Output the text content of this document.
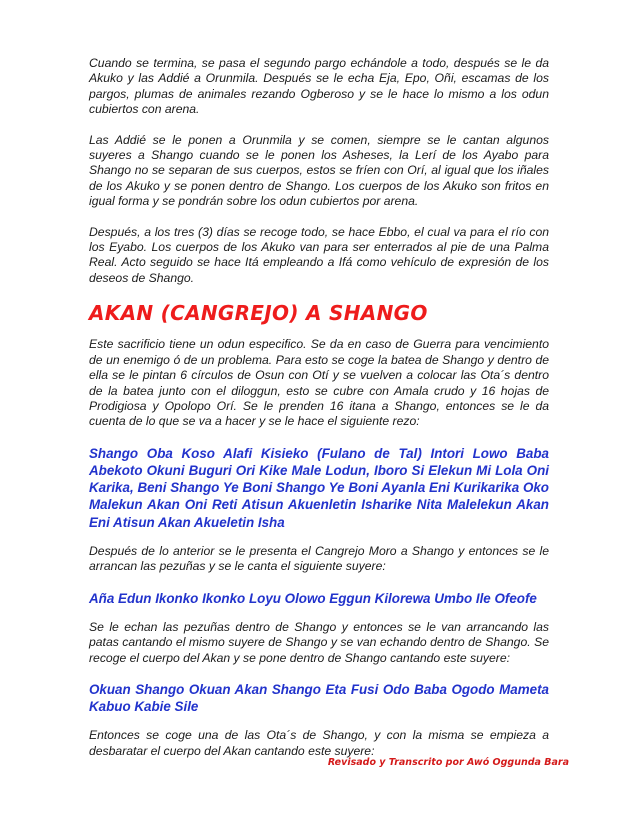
Cuando se termina, se pasa el segundo pargo echándole a todo, después se le da Akuko y las Addié a Orunmila. Después se le echa Eja, Epo, Oñi, escamas de los pargos, plumas de animales rezando Ogberoso y se le hace lo mismo a los odun cubiertos con arena.

Las Addié se le ponen a Orunmila y se comen, siempre se le cantan algunos suyeres a Shango cuando se le ponen los Asheses, la Lerí de los Ayabo para Shango no se separan de sus cuerpos, estos se fríen con Orí, al igual que los iñales de los Akuko y se ponen dentro de Shango. Los cuerpos de los Akuko son fritos en igual forma y se pondrán sobre los odun cubiertos por arena.

Después, a los tres (3) días se recoge todo, se hace Ebbo, el cual va para el río con los Eyabo. Los cuerpos de los Akuko van para ser enterrados al pie de una Palma Real. Acto seguido se hace Itá empleando a Ifá como vehículo de expresión de los deseos de Shango.

AKAN (CANGREJO) A SHANGO

Este sacrificio tiene un odun especifico. Se da en caso de Guerra para vencimiento de un enemigo ó de un problema. Para esto se coge la batea de Shango y dentro de ella se le pintan 6 círculos de Osun con Otí y se vuelven a colocar las Ota´s dentro de la batea junto con el diloggun, esto se cubre con Amala crudo y 16 hojas de Prodigiosa y Opolopo Orí. Se le prenden 16 itana a Shango, entonces se le da cuenta de lo que se va a hacer y se le hace el siguiente rezo:

Shango Oba Koso Alafi Kisieko (Fulano de Tal) Intori Lowo Baba Abekoto Okuni Buguri Ori Kike Male Lodun, Iboro Si Elekun Mi Lola Oni Karika, Beni Shango Ye Boni Shango Ye Boni Ayanla Eni Kurikarika Oko Malekun Akan Oni Reti Atisun Akuenletin Isharike Nita Malelekun Akan Eni Atisun Akan Akueletin Isha

Después de lo anterior se le presenta el Cangrejo Moro a Shango y entonces se le arrancan las pezuñas y se le canta el siguiente suyere:

Aña Edun Ikonko Ikonko Loyu Olowo Eggun Kilorewa Umbo Ile Ofeofe

Se le echan las pezuñas dentro de Shango y entonces se le van arrancando las patas cantando el mismo suyere de Shango y se van echando dentro de Shango. Se recoge el cuerpo del Akan y se pone dentro de Shango cantando este suyere:

Okuan Shango Okuan Akan Shango Eta Fusi Odo Baba Ogodo Mameta Kabuo Kabie Sile

Entonces se coge una de las Ota´s de Shango, y con la misma se empieza a desbaratar el cuerpo del Akan cantando este suyere:

Revisado y Transcrito por Awó Oggunda Bara
